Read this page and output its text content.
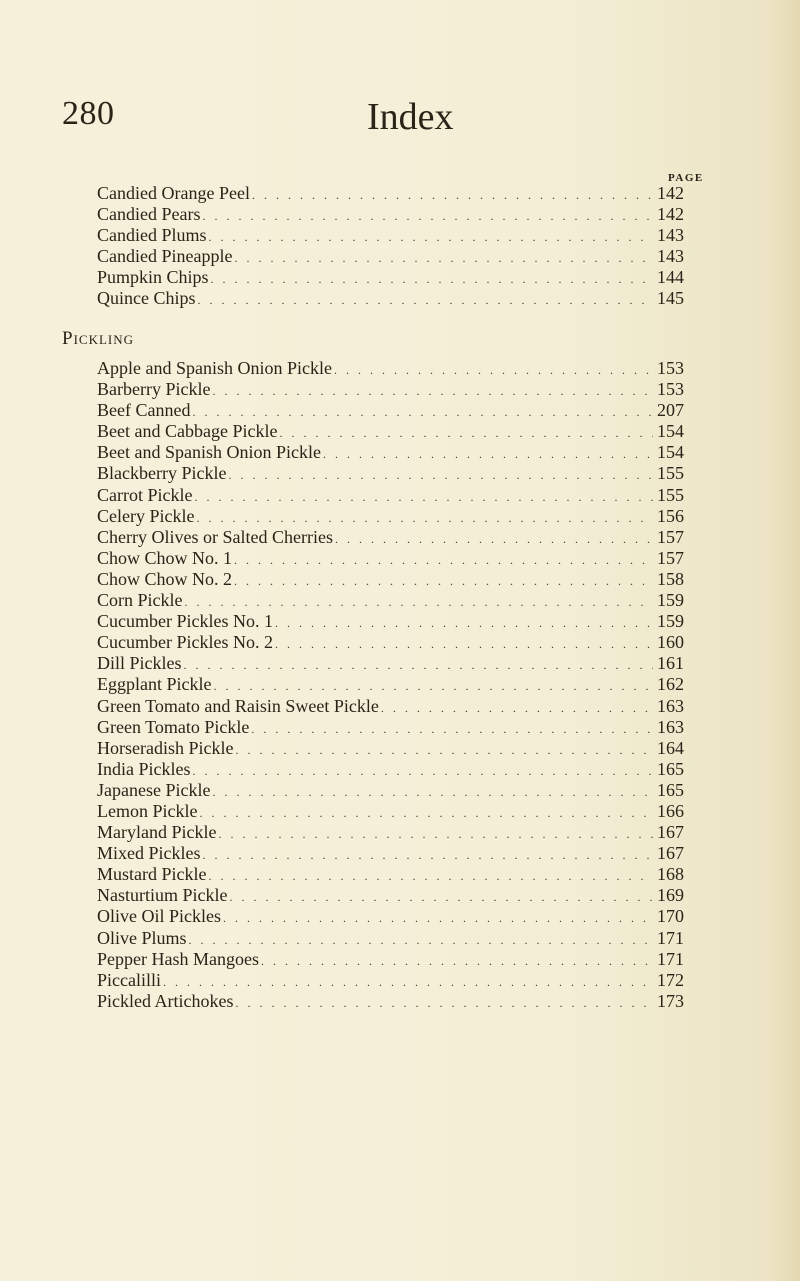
280	Index
PAGE
Candied Orange Peel . . .	142
Candied Pears . . .	142
Candied Plums . . .	143
Candied Pineapple . . .	143
Pumpkin Chips . . .	144
Quince Chips . . .	145
Pickling
Apple and Spanish Onion Pickle . . .	153
Barberry Pickle . . .	153
Beef Canned . . .	207
Beet and Cabbage Pickle . . .	154
Beet and Spanish Onion Pickle . . .	154
Blackberry Pickle . . .	155
Carrot Pickle . . .	155
Celery Pickle . . .	156
Cherry Olives or Salted Cherries . . .	157
Chow Chow No. 1 . . .	157
Chow Chow No. 2 . . .	158
Corn Pickle . . .	159
Cucumber Pickles No. 1 . . .	159
Cucumber Pickles No. 2 . . .	160
Dill Pickles . . .	161
Eggplant Pickle . . .	162
Green Tomato and Raisin Sweet Pickle . . .	163
Green Tomato Pickle . . .	163
Horseradish Pickle . . .	164
India Pickles . . .	165
Japanese Pickle . . .	165
Lemon Pickle . . .	166
Maryland Pickle . . .	167
Mixed Pickles . . .	167
Mustard Pickle . . .	168
Nasturtium Pickle . . .	169
Olive Oil Pickles . . .	170
Olive Plums . . .	171
Pepper Hash Mangoes . . .	171
Piccalilli . . .	172
Pickled Artichokes . . .	173
